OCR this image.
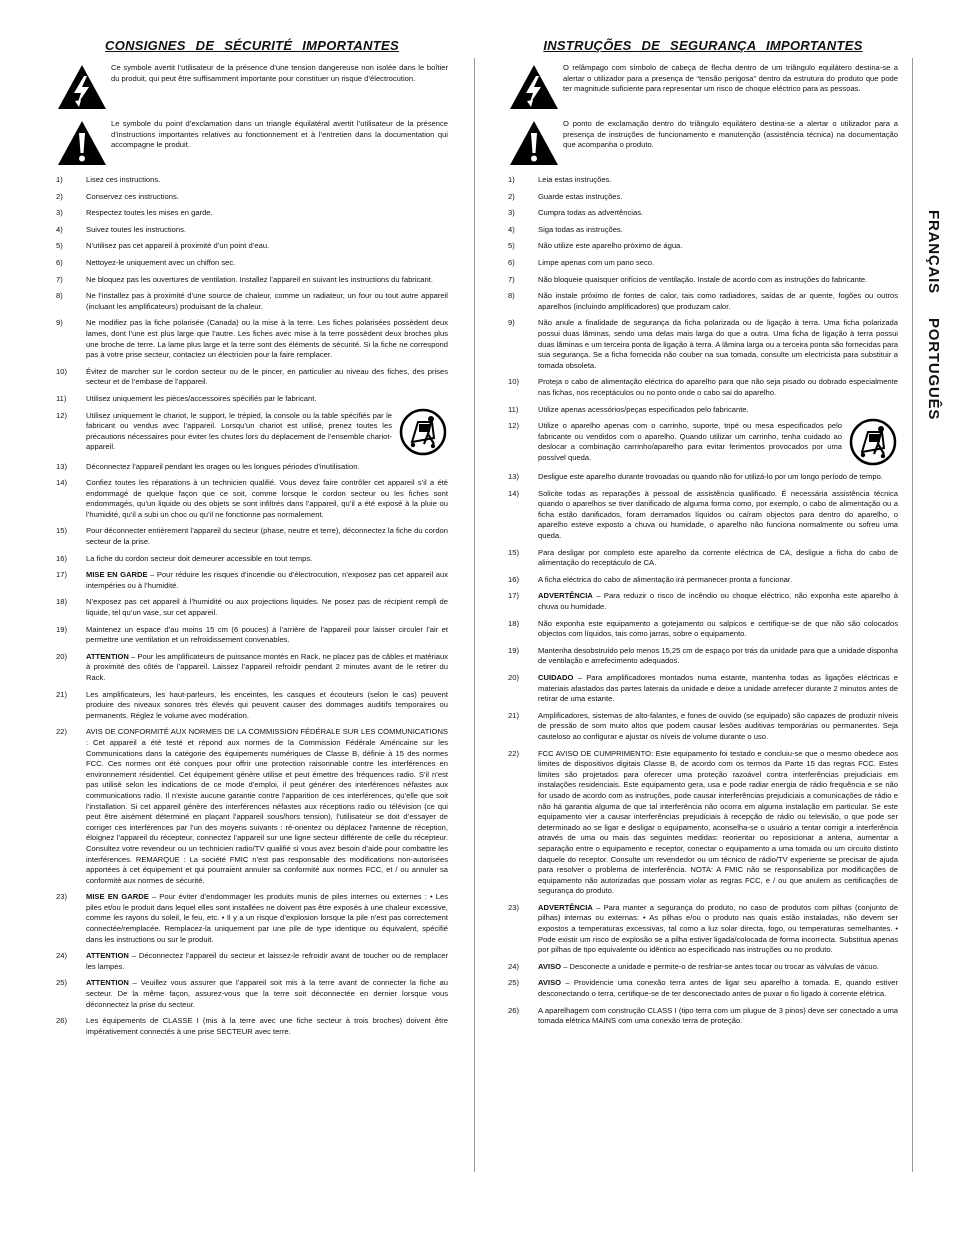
FRANÇAIS
PORTUGUÊS
CONSIGNES DE SÉCURITÉ IMPORTANTES
Ce symbole avertit l’utilisateur de la présence d’une tension dangereuse non isolée dans le boîtier du produit, qui peut être suffisamment importante pour constituer un risque d’électrocution.
Le symbole du point d’exclamation dans un triangle équilatéral avertit l’utilisateur de la présence d’instructions importantes relatives au fonctionnement et à l’entretien dans la documentation qui accompagne le produit.
1)	Lisez ces instructions.
2)	Conservez ces instructions.
3)	Respectez toutes les mises en garde.
4)	Suivez toutes les instructions.
5)	N’utilisez pas cet appareil à proximité d’un point d’eau.
6)	Nettoyez-le uniquement avec un chiffon sec.
7)	Ne bloquez pas les ouvertures de ventilation. Installez l’appareil en suivant les instructions du fabricant.
8)	Ne l’installez pas à proximité d’une source de chaleur, comme un radiateur, un four ou tout autre appareil (incluant les amplificateurs) produisant de la chaleur.
9)	Ne modifiez pas la fiche polarisée (Canada) ou la mise à la terre. Les fiches polarisées possèdent deux lames, dont l’une est plus large que l’autre. Les fiches avec mise à la terre possèdent deux broches plus une broche de terre. La lame plus large et la terre sont des éléments de sécurité. Si la fiche ne correspond pas à votre prise secteur, contactez un électricien pour la faire remplacer.
10)	Évitez de marcher sur le cordon secteur ou de le pincer, en particulier au niveau des fiches, des prises secteur et de l’embase de l’appareil.
11)	Utilisez uniquement les pièces/accessoires spécifiés par le fabricant.
12)	Utilisez uniquement le chariot, le support, le trépied, la console ou la table spécifiés par le fabricant ou vendus avec l’appareil. Lorsqu’un chariot est utilisé, prenez toutes les précautions nécessaires pour éviter les chutes lors du déplacement de l’ensemble chariot-appareil.
13)	Déconnectez l’appareil pendant les orages ou les longues périodes d’inutilisation.
14)	Confiez toutes les réparations à un technicien qualifié. Vous devez faire contrôler cet appareil s’il a été endommagé de quelque façon que ce soit, comme lorsque le cordon secteur ou les fiches sont endommagés, qu’un liquide ou des objets se sont infiltrés dans l’appareil, qu’il a été exposé à la pluie ou l’humidité, qu’il a subi un choc ou qu’il ne fonctionne pas normalement.
15)	Pour déconnecter entièrement l’appareil du secteur (phase, neutre et terre), déconnectez la fiche du cordon secteur de la prise.
16)	La fiche du cordon secteur doit demeurer accessible en tout temps.
17)	MISE EN GARDE – Pour réduire les risques d’incendie ou d’électrocution, n’exposez pas cet appareil aux intempéries ou à l’humidité.
18)	N’exposez pas cet appareil à l’humidité ou aux projections liquides. Ne posez pas de récipient rempli de liquide, tel qu’un vase, sur cet appareil.
19)	Maintenez un espace d’au moins 15 cm (6 pouces) à l’arrière de l’appareil pour laisser circuler l’air et permettre une ventilation et un refroidissement convenables.
20)	ATTENTION – Pour les amplificateurs de puissance montés en Rack, ne placez pas de câbles et matériaux à proximité des côtés de l’appareil. Laissez l’appareil refroidir pendant 2 minutes avant de le retirer du Rack.
21)	Les amplificateurs, les haut-parleurs, les enceintes, les casques et écouteurs (selon le cas) peuvent produire des niveaux sonores très élevés qui peuvent causer des dommages auditifs temporaires ou permanents. Réglez le volume avec modération.
22)	AVIS DE CONFORMITÉ AUX NORMES DE LA COMMISSION FÉDÉRALE SUR LES COMMUNICATIONS : Cet appareil a été testé et répond aux normes de la Commission Fédérale Américaine sur les Communications dans la catégorie des équipements numériques de Classe B, définie à 15 des normes FCC. Ces normes ont été conçues pour offrir une protection raisonnable contre les interférences en environnement résidentiel. Cet équipement génère utilise et peut émettre des fréquences radio. S’il n’est pas utilisé selon les indications de ce mode d’emploi, il peut générer des interférences néfastes aux communications radio. Il n’existe aucune garantie contre l’apparition de ces interférences, qu’elle que soit l’installation. Si cet appareil génère des interférences néfastes aux réceptions radio ou télévision (ce qui peut être aisément déterminé en plaçant l’appareil sous/hors tension), l’utilisateur se doit d’essayer de corriger ces interférences par l’un des moyens suivants : ré-orientez ou déplacez l’antenne de réception, éloignez l’appareil du récepteur, connectez l’appareil sur une ligne secteur différente de celle du récepteur. Consultez votre revendeur ou un technicien radio/TV qualifié si vous avez besoin d’aide pour combattre les interférences. REMARQUE : La société FMIC n’est pas responsable des modifications non-autorisées apportées à cet équipement et qui pourraient annuler sa conformité aux normes FCC, et / ou annuler sa conformité aux normes de sécurité.
23)	MISE EN GARDE – Pour éviter d’endommager les produits munis de piles internes ou externes : • Les piles et/ou le produit dans lequel elles sont installées ne doivent pas être exposés à une chaleur excessive, comme les rayons du soleil, le feu, etc. • Il y a un risque d’explosion lorsque la pile n’est pas correctement connectée/remplacée. Remplacez-la uniquement par une pile de type identique ou équivalent, spécifié dans les instructions ou sur le produit.
24)	ATTENTION – Déconnectez l’appareil du secteur et laissez-le refroidir avant de toucher ou de remplacer les lampes.
25)	ATTENTION – Veuillez vous assurer que l’appareil soit mis à la terre avant de connecter la fiche au secteur. De la même façon, assurez-vous que la terre soit déconnectée en dernier lorsque vous déconnectez la prise du secteur.
26)	Les équipements de CLASSE I (mis à la terre avec une fiche secteur à trois broches) doivent être impérativement connectés à une prise SECTEUR avec terre.
INSTRUÇÕES DE SEGURANÇA IMPORTANTES
O relâmpago com símbolo de cabeça de flecha dentro de um triângulo equilátero destina-se a alertar o utilizador para a presença de “tensão perigosa” dentro da estrutura do produto que pode ter magnitude suficiente para representar um risco de choque eléctrico para as pessoas.
O ponto de exclamação dentro do triângulo equilátero destina-se a alertar o utilizador para a presença de instruções de funcionamento e manutenção (assistência técnica) na documentação que acompanha o produto.
1)	Leia estas instruções.
2)	Guarde estas instruções.
3)	Cumpra todas as advertências.
4)	Siga todas as instruções.
5)	Não utilize este aparelho próximo de água.
6)	Limpe apenas com um pano seco.
7)	Não bloqueie quaisquer orifícios de ventilação. Instale de acordo com as instruções do fabricante.
8)	Não instale próximo de fontes de calor, tais como radiadores, saídas de ar quente, fogões ou outros aparelhos (incluindo amplificadores) que produzam calor.
9)	Não anule a finalidade de segurança da ficha polarizada ou de ligação à terra. Uma ficha polarizada possui duas lâminas, sendo uma delas mais larga do que a outra. Uma ficha de ligação à terra possui duas lâminas e um terceira ponta de ligação à terra. A lâmina larga ou a terceira ponta são fornecidas para sua segurança. Se a ficha fornecida não couber na sua tomada, consulte um electricista para substituir a tomada obsoleta.
10)	Proteja o cabo de alimentação eléctrica do aparelho para que não seja pisado ou dobrado especialmente nas fichas, nos receptáculos ou no ponto onde o cabo sai do aparelho.
11)	Utilize apenas acessórios/peças especificados pelo fabricante.
12)	Utilize o aparelho apenas com o carrinho, suporte, tripé ou mesa especificados pelo fabricante ou vendidos com o aparelho. Quando utilizar um carrinho, tenha cuidado ao deslocar a combinação carrinho/aparelho para evitar ferimentos provocados por uma possível queda.
13)	Desligue este aparelho durante trovoadas ou quando não for utilizá-lo por um longo período de tempo.
14)	Solicite todas as reparações à pessoal de assistência qualificado. É necessária assistência técnica quando o aparelhos se tiver danificado de alguma forma como, por exemplo, o cabo de alimentação ou a ficha estão danificados, foram derramados líquidos ou caíram objectos para dentro do aparelho, o aparelho esteve exposto a chuva ou humidade, o aparelho não funciona normalmente ou sofreu uma queda.
15)	Para desligar por completo este aparelho da corrente eléctrica de CA, desligue a ficha do cabo de alimentação do receptáculo de CA.
16)	A ficha eléctrica do cabo de alimentação irá permanecer pronta a funcionar.
17)	ADVERTÊNCIA – Para reduzir o risco de incêndio ou choque eléctrico, não exponha este aparelho à chuva ou humidade.
18)	Não exponha este equipamento a gotejamento ou salpicos e certifique-se de que não são colocados objectos com líquidos, tais como jarras, sobre o equipamento.
19)	Mantenha desobstruído pelo menos 15,25 cm de espaço por trás da unidade para que a unidade disponha de ventilação e arrefecimento adequados.
20)	CUIDADO – Para amplificadores montados numa estante, mantenha todas as ligações eléctricas e materiais afastados das partes laterais da unidade e deixe a unidade arrefecer durante 2 minutos antes de retirar de uma estante.
21)	Amplificadores, sistemas de alto-falantes, e fones de ouvido (se equipado) são capazes de produzir níveis de pressão de som muito altos que podem causar lesões auditivas temporárias ou permanentes. Seja cauteloso ao configurar e ajustar os níveis de volume durante o uso.
22)	FCC AVISO DE CUMPRIMENTO: Este equipamento foi testado e concluiu-se que o mesmo obedece aos limites de dispositivos digitais Classe B, de acordo com os termos da Parte 15 das regras FCC. Estes limites são projetados para oferecer uma proteção razoável contra interferências prejudiciais em instalações residenciais. Este equipamento gera, usa e pode radiar energia de rádio frequência e se não for usado de acordo com as instruções, pode causar interferências prejudiciais a comunicações de rádio e não há garantia alguma de que tal interferência não ocorra em alguma instalação em particular. Se este equipamento vier a causar interferências prejudiciais à recepção de rádio ou televisão, o que pode ser determinado ao se ligar e desligar o equipamento, aconselha-se o usuário a tentar corrigir a interferência através de uma ou mais das seguintes medidas: reorientar ou reposicionar a antena, aumentar a separação entre o equipamento e receptor, conectar o equipamento a uma tomada ou um circuito distinto daquele do receptor. Consulte um revendedor ou um técnico de rádio/TV experiente se precisar de ajuda para resolver o problema de interferência. NOTA: A FMIC não se responsabiliza por modificações de equipamento não autorizadas que possam violar as regras FCC, e / ou que anulem as certificações de segurança do produto.
23)	ADVERTÊNCIA – Para manter a segurança do produto, no caso de produtos com pilhas (conjunto de pilhas) internas ou externas: • As pilhas e/ou o produto nas quais estão instaladas, não devem ser expostos a temperaturas excessivas, tal como a luz solar directa, fogo, ou temperaturas semelhantes. • Pode existir um risco de explosão se a pilha estiver ligada/colocada de forma incorrecta. Substitua apenas por pilhas de tipo equivalente ou idêntico ao especificado nas instruções ou no produto.
24)	AVISO – Desconecte a unidade e permite-o de resfriar-se antes tocar ou trocar as válvulas de vácuo.
25)	AVISO – Providencie uma conexão terra antes de ligar seu aparelho à tomada. E, quando estiver desconectando o terra, certifique-se de ter desconectado antes de puxar o fio ligado à corrente elétrica.
26)	A aparelhagem com construção CLASS I (tipo terra com um plugue de 3 pinos) deve ser conectado a uma tomada elétrica MAINS com uma conexão terra de proteção.
